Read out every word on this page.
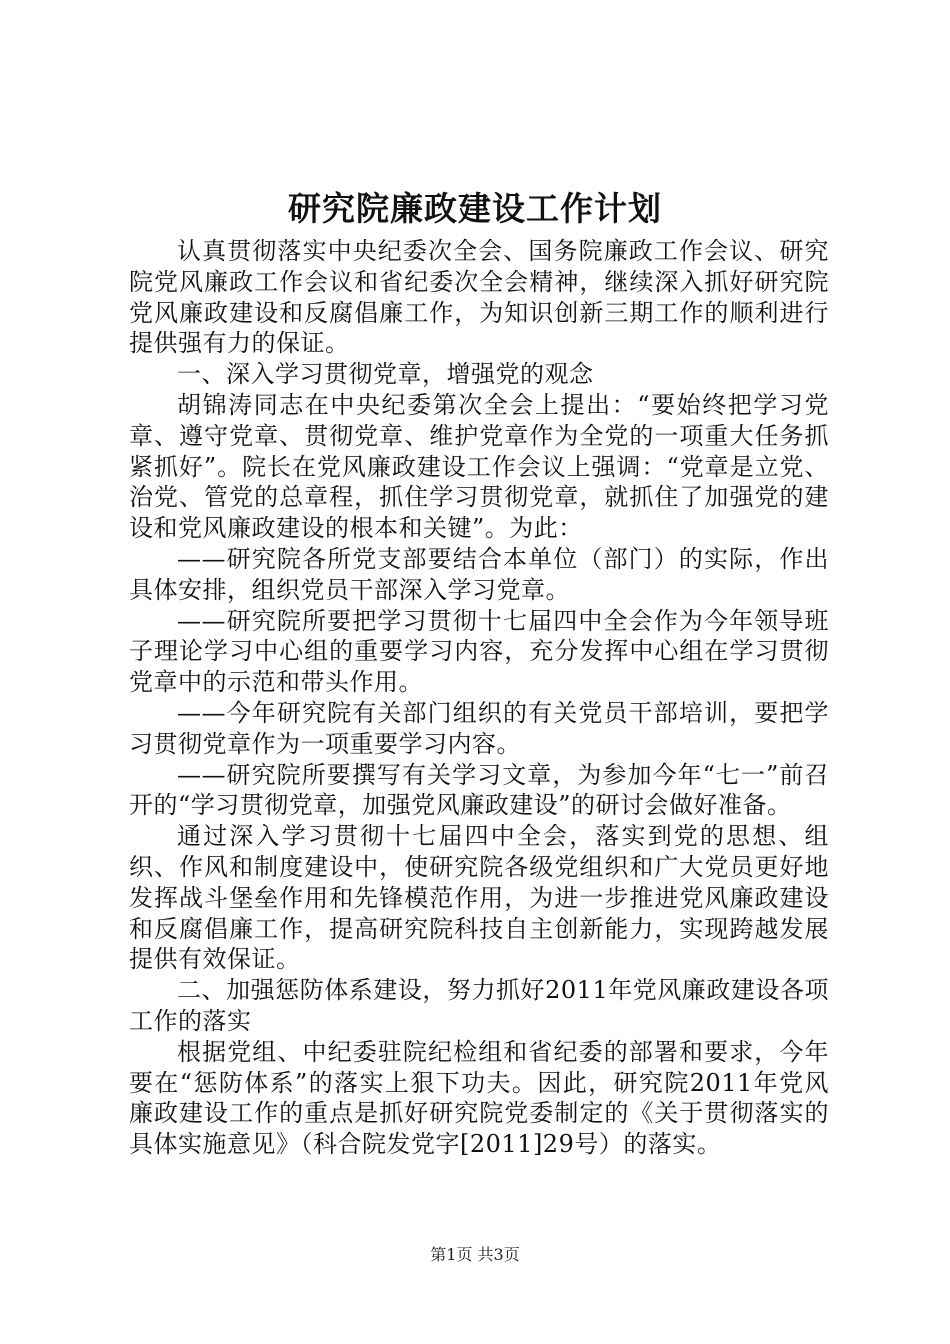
研究院廉政建设工作计划

认真贯彻落实中央纪委次全会、国务院廉政工作会议、研究院党风廉政工作会议和省纪委次全会精神，继续深入抓好研究院党风廉政建设和反腐倡廉工作，为知识创新三期工作的顺利进行提供强有力的保证。

一、深入学习贯彻党章，增强党的观念

胡锦涛同志在中央纪委第次全会上提出：“要始终把学习党章、遵守党章、贯彻党章、维护党章作为全党的一项重大任务抓紧抓好”。院长在党风廉政建设工作会议上强调：“党章是立党、治党、管党的总章程，抓住学习贯彻党章，就抓住了加强党的建设和党风廉政建设的根本和关键”。为此：

——研究院各所党支部要结合本单位（部门）的实际，作出具体安排，组织党员干部深入学习党章。

——研究院所要把学习贯彻十七届四中全会作为今年领导班子理论学习中心组的重要学习内容，充分发挥中心组在学习贯彻党章中的示范和带头作用。

——今年研究院有关部门组织的有关党员干部培训，要把学习贯彻党章作为一项重要学习内容。

——研究院所要撰写有关学习文章，为参加今年“七一”前召开的“学习贯彻党章，加强党风廉政建设”的研讨会做好准备。

通过深入学习贯彻十七届四中全会，落实到党的思想、组织、作风和制度建设中，使研究院各级党组织和广大党员更好地发挥战斗堡垒作用和先锋模范作用，为进一步推进党风廉政建设和反腐倡廉工作，提高研究院科技自主创新能力，实现跨越发展提供有效保证。

二、加强惩防体系建设，努力抓好2011年党风廉政建设各项工作的落实

根据党组、中纪委驻院纪检组和省纪委的部署和要求，今年要在“惩防体系”的落实上狠下功夫。因此，研究院2011年党风廉政建设工作的重点是抓好研究院党委制定的《关于贯彻落实的具体实施意见》（科合院发党字[2011]29号）的落实。

第1页 共3页
